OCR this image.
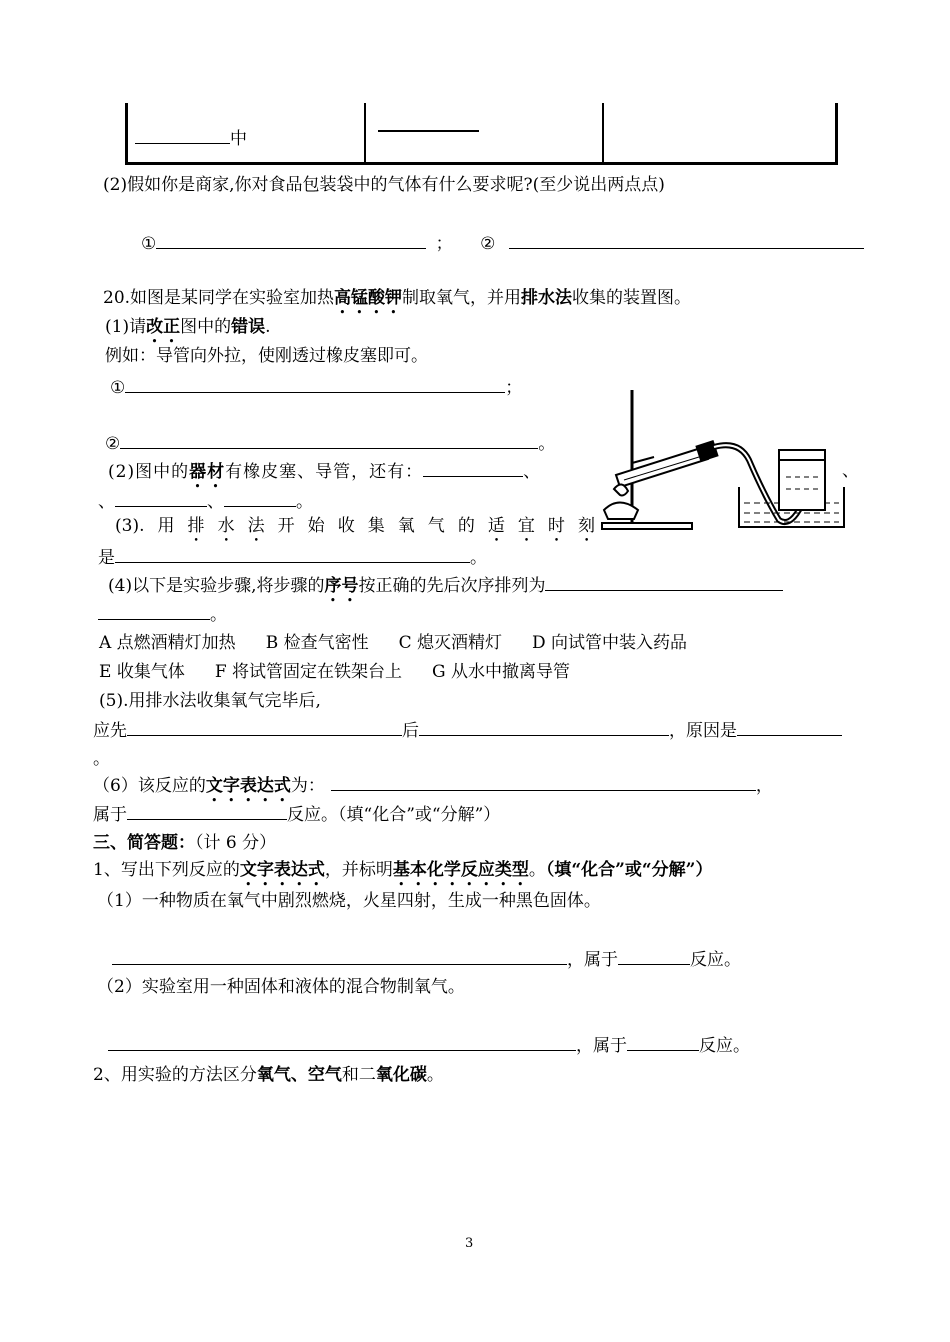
中
(2)假如你是商家,你对食品包装袋中的气体有什么要求呢?(至少说出两点点)
①	； ②
20.如图是某同学在实验室加热高锰酸钾制取氧气，并用排水法收集的装置图。
(1)请改正图中的错误.
例如：导管向外拉，使刚透过橡皮塞即可。
①	；
②	。
(2)图中的器材有橡皮塞、导管，还有：	、	、
、	、	。
(3). 用 排 水 法 开 始 收 集 氧 气 的 适 宜 时 刻
是	。
(4)以下是实验步骤,将步骤的序号按正确的先后次序排列为
。
A 点燃酒精灯加热 B 检查气密性 C 熄灭酒精灯 D 向试管中装入药品
E 收集气体 F 将试管固定在铁架台上 G 从水中撤离导管
(5).用排水法收集氧气完毕后,
应先	后	，原因是
。
（6）该反应的文字表达式为：	，
属于	反应。（填“化合”或“分解”）
三、简答题：（计 6 分）
1、写出下列反应的文字表达式，并标明基本化学反应类型。（填“化合”或“分解”）
（1）一种物质在氧气中剧烈燃烧，火星四射，生成一种黑色固体。
，属于	反应。
（2）实验室用一种固体和液体的混合物制氧气。
，属于	反应。
2、用实验的方法区分氧气、空气和二氧化碳。
3
